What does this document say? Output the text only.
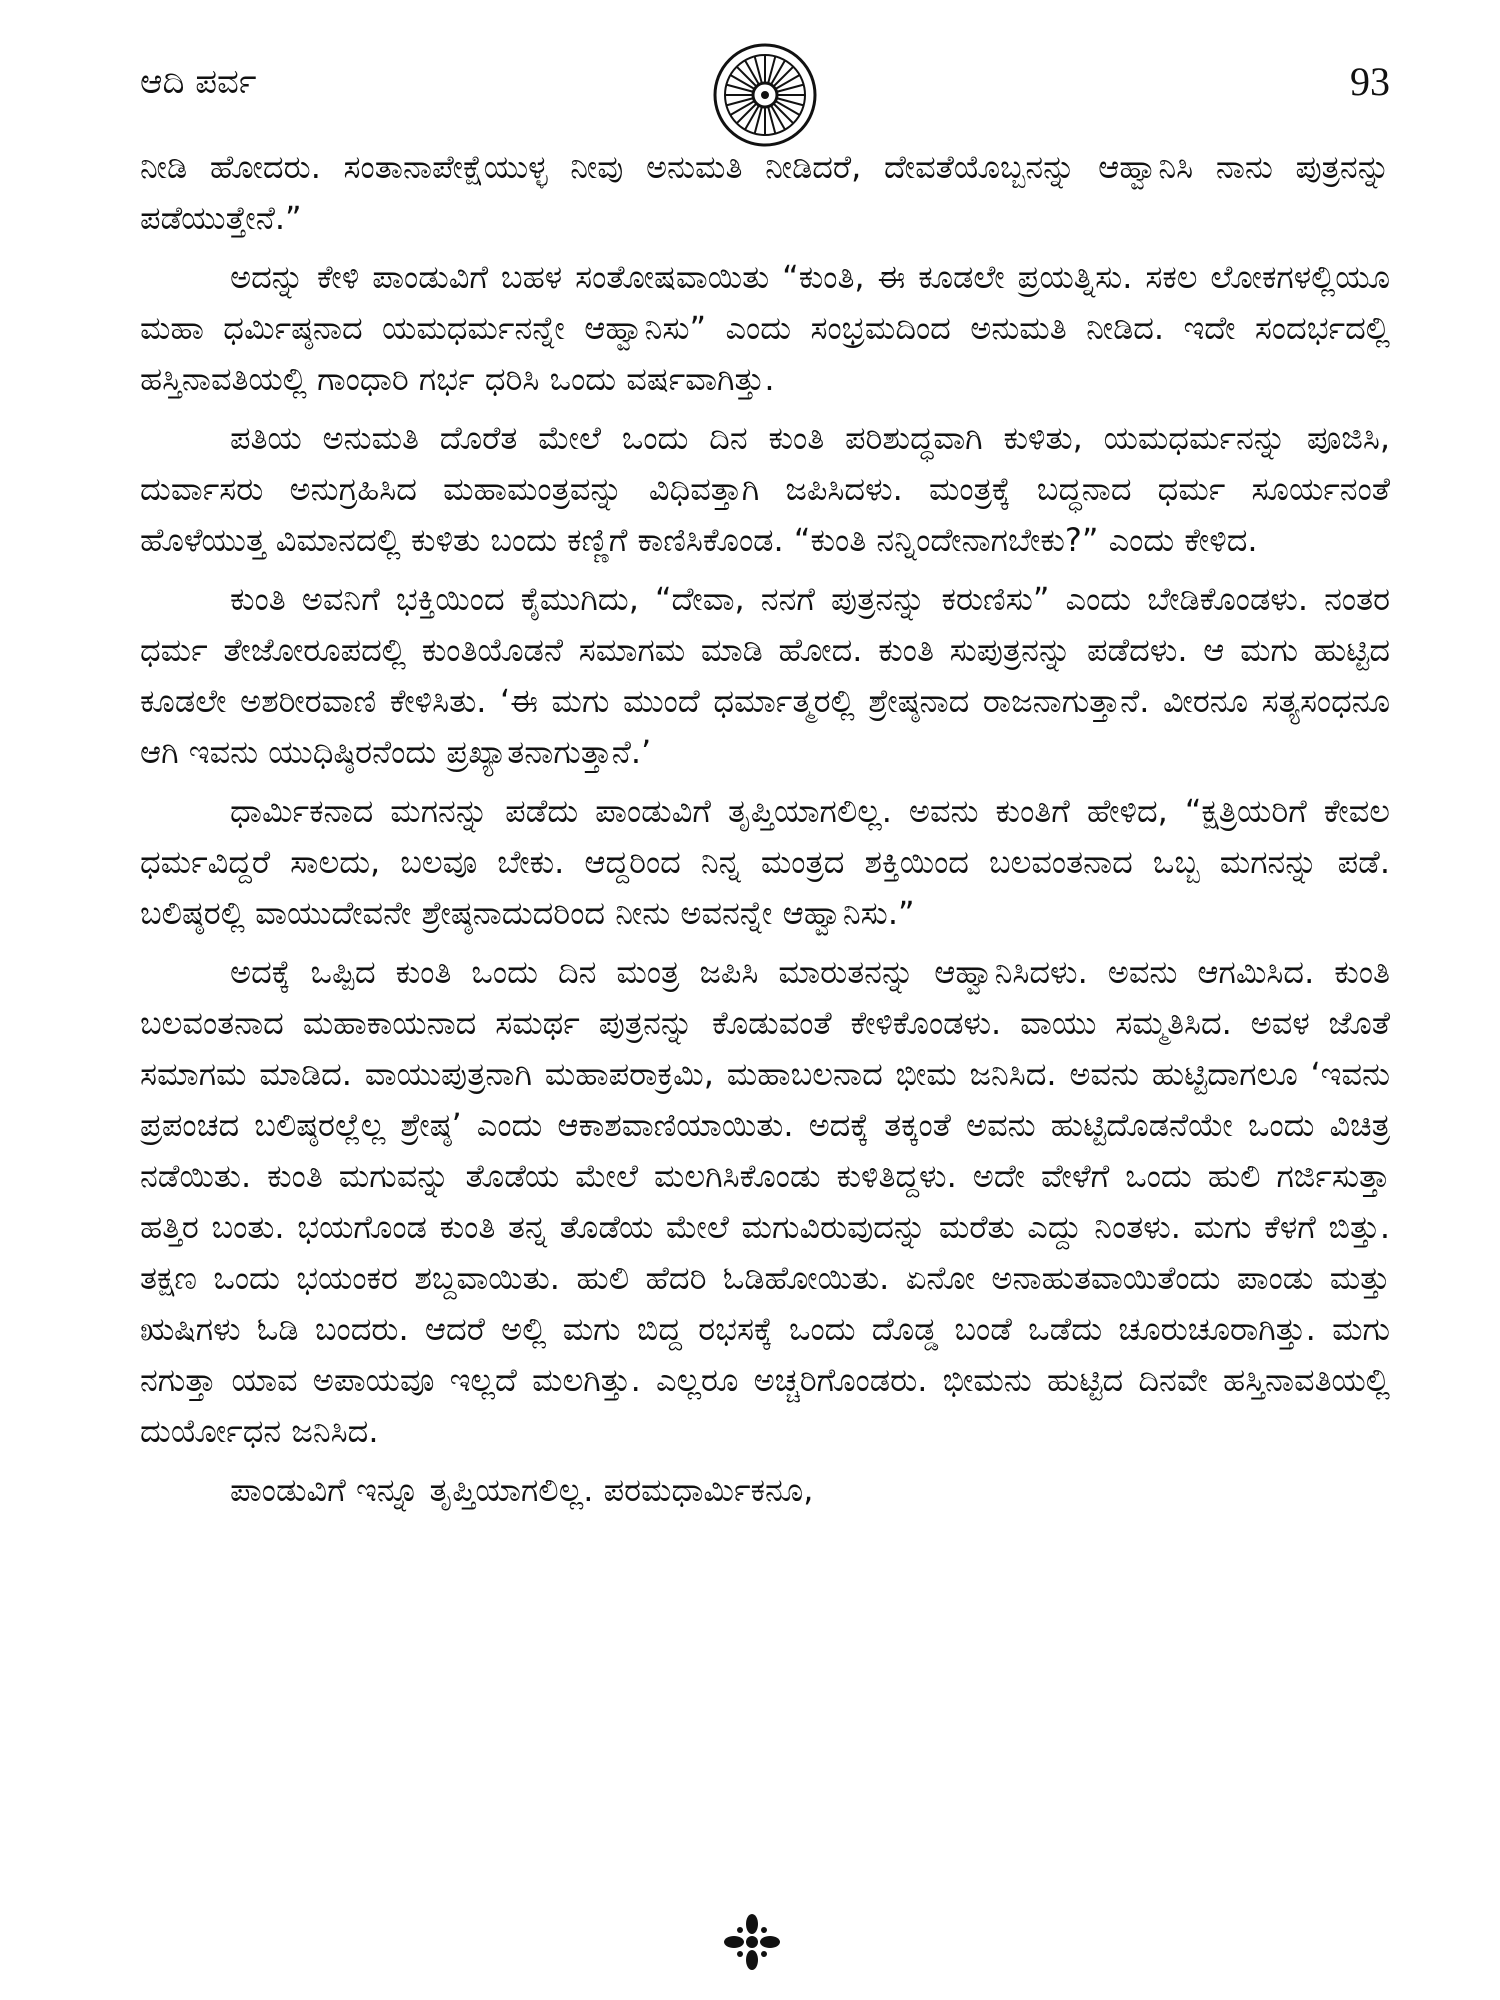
ಆದಿ ಪರ್ವ	93

ನೀಡಿ ಹೋದರು. ಸಂತಾನಾಪೇಕ್ಷೆಯುಳ್ಳ ನೀವು ಅನುಮತಿ ನೀಡಿದರೆ, ದೇವತೆಯೊಬ್ಬನನ್ನು ಆಹ್ವಾನಿಸಿ ನಾನು ಪುತ್ರನನ್ನು ಪಡೆಯುತ್ತೇನೆ.”

ಅದನ್ನು ಕೇಳಿ ಪಾಂಡುವಿಗೆ ಬಹಳ ಸಂತೋಷವಾಯಿತು “ಕುಂತಿ, ಈ ಕೂಡಲೇ ಪ್ರಯತ್ನಿಸು. ಸಕಲ ಲೋಕಗಳಲ್ಲಿಯೂ ಮಹಾ ಧರ್ಮಿಷ್ಠನಾದ ಯಮಧರ್ಮನನ್ನೇ ಆಹ್ವಾನಿಸು” ಎಂದು ಸಂಭ್ರಮದಿಂದ ಅನುಮತಿ ನೀಡಿದ. ಇದೇ ಸಂದರ್ಭದಲ್ಲಿ ಹಸ್ತಿನಾವತಿಯಲ್ಲಿ ಗಾಂಧಾರಿ ಗರ್ಭ ಧರಿಸಿ ಒಂದು ವರ್ಷವಾಗಿತ್ತು.

ಪತಿಯ ಅನುಮತಿ ದೊರೆತ ಮೇಲೆ ಒಂದು ದಿನ ಕುಂತಿ ಪರಿಶುದ್ಧವಾಗಿ ಕುಳಿತು, ಯಮಧರ್ಮನನ್ನು ಪೂಜಿಸಿ, ದುರ್ವಾಸರು ಅನುಗ್ರಹಿಸಿದ ಮಹಾಮಂತ್ರವನ್ನು ವಿಧಿವತ್ತಾಗಿ ಜಪಿಸಿದಳು. ಮಂತ್ರಕ್ಕೆ ಬದ್ಧನಾದ ಧರ್ಮ ಸೂರ್ಯನಂತೆ ಹೊಳೆಯುತ್ತ ವಿಮಾನದಲ್ಲಿ ಕುಳಿತು ಬಂದು ಕಣ್ಣಿಗೆ ಕಾಣಿಸಿಕೊಂಡ. “ಕುಂತಿ ನನ್ನಿಂದೇನಾಗಬೇಕು?” ಎಂದು ಕೇಳಿದ.

ಕುಂತಿ ಅವನಿಗೆ ಭಕ್ತಿಯಿಂದ ಕೈಮುಗಿದು, “ದೇವಾ, ನನಗೆ ಪುತ್ರನನ್ನು ಕರುಣಿಸು” ಎಂದು ಬೇಡಿಕೊಂಡಳು. ನಂತರ ಧರ್ಮ ತೇಜೋರೂಪದಲ್ಲಿ ಕುಂತಿಯೊಡನೆ ಸಮಾಗಮ ಮಾಡಿ ಹೋದ. ಕುಂತಿ ಸುಪುತ್ರನನ್ನು ಪಡೆದಳು. ಆ ಮಗು ಹುಟ್ಟಿದ ಕೂಡಲೇ ಅಶರೀರವಾಣಿ ಕೇಳಿಸಿತು. ‘ಈ ಮಗು ಮುಂದೆ ಧರ್ಮಾತ್ಮರಲ್ಲಿ ಶ್ರೇಷ್ಠನಾದ ರಾಜನಾಗುತ್ತಾನೆ. ವೀರನೂ ಸತ್ಯಸಂಧನೂ ಆಗಿ ಇವನು ಯುಧಿಷ್ಠಿರನೆಂದು ಪ್ರಖ್ಯಾತನಾಗುತ್ತಾನೆ.’

ಧಾರ್ಮಿಕನಾದ ಮಗನನ್ನು ಪಡೆದು ಪಾಂಡುವಿಗೆ ತೃಪ್ತಿಯಾಗಲಿಲ್ಲ. ಅವನು ಕುಂತಿಗೆ ಹೇಳಿದ, “ಕ್ಷತ್ರಿಯರಿಗೆ ಕೇವಲ ಧರ್ಮವಿದ್ದರೆ ಸಾಲದು, ಬಲವೂ ಬೇಕು. ಆದ್ದರಿಂದ ನಿನ್ನ ಮಂತ್ರದ ಶಕ್ತಿಯಿಂದ ಬಲವಂತನಾದ ಒಬ್ಬ ಮಗನನ್ನು ಪಡೆ. ಬಲಿಷ್ಠರಲ್ಲಿ ವಾಯುದೇವನೇ ಶ್ರೇಷ್ಠನಾದುದರಿಂದ ನೀನು ಅವನನ್ನೇ ಆಹ್ವಾನಿಸು.”

ಅದಕ್ಕೆ ಒಪ್ಪಿದ ಕುಂತಿ ಒಂದು ದಿನ ಮಂತ್ರ ಜಪಿಸಿ ಮಾರುತನನ್ನು ಆಹ್ವಾನಿಸಿದಳು. ಅವನು ಆಗಮಿಸಿದ. ಕುಂತಿ ಬಲವಂತನಾದ ಮಹಾಕಾಯನಾದ ಸಮರ್ಥ ಪುತ್ರನನ್ನು ಕೊಡುವಂತೆ ಕೇಳಿಕೊಂಡಳು. ವಾಯು ಸಮ್ಮತಿಸಿದ. ಅವಳ ಜೊತೆ ಸಮಾಗಮ ಮಾಡಿದ. ವಾಯುಪುತ್ರನಾಗಿ ಮಹಾಪರಾಕ್ರಮಿ, ಮಹಾಬಲನಾದ ಭೀಮ ಜನಿಸಿದ. ಅವನು ಹುಟ್ಟಿದಾಗಲೂ ‘ಇವನು ಪ್ರಪಂಚದ ಬಲಿಷ್ಠರಲ್ಲೆಲ್ಲ ಶ್ರೇಷ್ಠ’ ಎಂದು ಆಕಾಶವಾಣಿಯಾಯಿತು. ಅದಕ್ಕೆ ತಕ್ಕಂತೆ ಅವನು ಹುಟ್ಟಿದೊಡನೆಯೇ ಒಂದು ವಿಚಿತ್ರ ನಡೆಯಿತು. ಕುಂತಿ ಮಗುವನ್ನು ತೊಡೆಯ ಮೇಲೆ ಮಲಗಿಸಿಕೊಂಡು ಕುಳಿತಿದ್ದಳು. ಅದೇ ವೇಳೆಗೆ ಒಂದು ಹುಲಿ ಗರ್ಜಿಸುತ್ತಾ ಹತ್ತಿರ ಬಂತು. ಭಯಗೊಂಡ ಕುಂತಿ ತನ್ನ ತೊಡೆಯ ಮೇಲೆ ಮಗುವಿರುವುದನ್ನು ಮರೆತು ಎದ್ದು ನಿಂತಳು. ಮಗು ಕೆಳಗೆ ಬಿತ್ತು. ತಕ್ಷಣ ಒಂದು ಭಯಂಕರ ಶಬ್ದವಾಯಿತು. ಹುಲಿ ಹೆದರಿ ಓಡಿಹೋಯಿತು. ಏನೋ ಅನಾಹುತವಾಯಿತೆಂದು ಪಾಂಡು ಮತ್ತು ಋಷಿಗಳು ಓಡಿ ಬಂದರು. ಆದರೆ ಅಲ್ಲಿ ಮಗು ಬಿದ್ದ ರಭಸಕ್ಕೆ ಒಂದು ದೊಡ್ಡ ಬಂಡೆ ಒಡೆದು ಚೂರುಚೂರಾಗಿತ್ತು. ಮಗು ನಗುತ್ತಾ ಯಾವ ಅಪಾಯವೂ ಇಲ್ಲದೆ ಮಲಗಿತ್ತು. ಎಲ್ಲರೂ ಅಚ್ಚರಿಗೊಂಡರು. ಭೀಮನು ಹುಟ್ಟಿದ ದಿನವೇ ಹಸ್ತಿನಾವತಿಯಲ್ಲಿ ದುರ್ಯೋಧನ ಜನಿಸಿದ.

ಪಾಂಡುವಿಗೆ ಇನ್ನೂ ತೃಪ್ತಿಯಾಗಲಿಲ್ಲ. ಪರಮಧಾರ್ಮಿಕನೂ,
